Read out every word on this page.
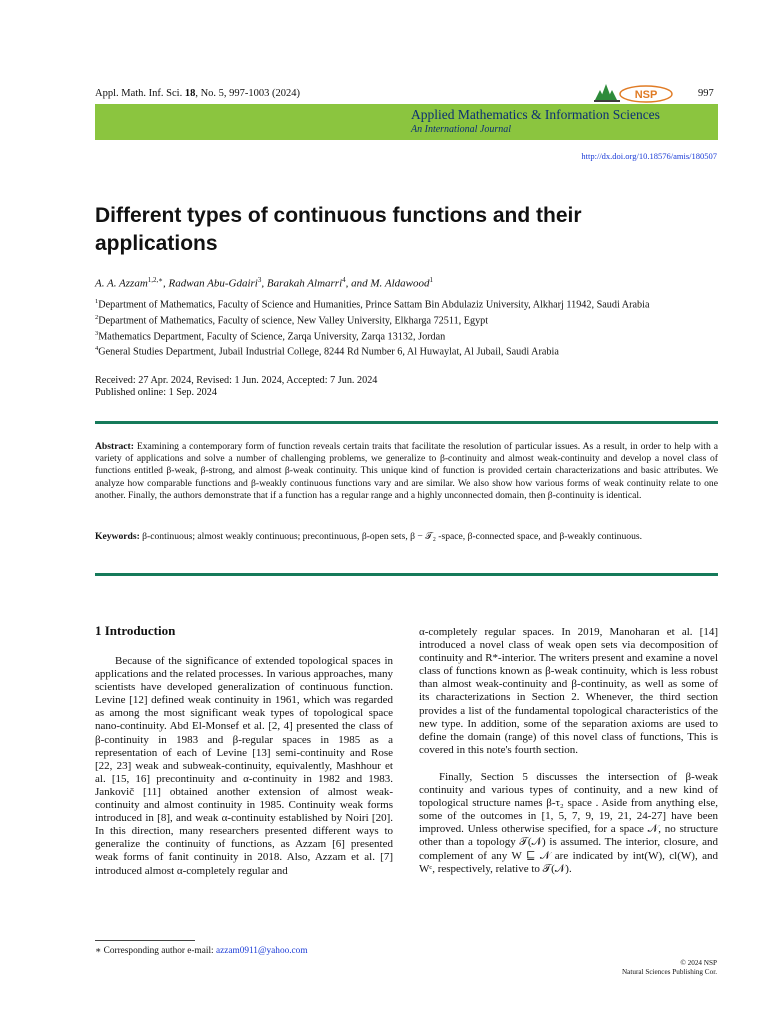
Appl. Math. Inf. Sci. 18, No. 5, 997-1003 (2024)	NSP	997
Applied Mathematics & Information Sciences
An International Journal
http://dx.doi.org/10.18576/amis/180507
Different types of continuous functions and their applications
A. A. Azzam$^{1,2,∗}$, Radwan Abu-Gdairi$^3$, Barakah Almarri$^4$, and M. Aldawood$^1$
$^1$Department of Mathematics, Faculty of Science and Humanities, Prince Sattam Bin Abdulaziz University, Alkharj 11942, Saudi Arabia
$^2$Department of Mathematics, Faculty of science, New Valley University, Elkharga 72511, Egypt
$^3$Mathematics Department, Faculty of Science, Zarqa University, Zarqa 13132, Jordan
$^4$General Studies Department, Jubail Industrial College, 8244 Rd Number 6, Al Huwaylat, Al Jubail, Saudi Arabia
Received: 27 Apr. 2024, Revised: 1 Jun. 2024, Accepted: 7 Jun. 2024
Published online: 1 Sep. 2024
Abstract: Examining a contemporary form of function reveals certain traits that facilitate the resolution of particular issues. As a result, in order to help with a variety of applications and solve a number of challenging problems, we generalize to β-continuity and almost weak-continuity and develop a novel class of functions entitled β-weak, β-strong, and almost β-weak continuity. This unique kind of function is provided certain characterizations and basic attributes. We analyze how comparable functions and β-weakly continuous functions vary and are similar. We also show how various forms of weak continuity relate to one another. Finally, the authors demonstrate that if a function has a regular range and a highly unconnected domain, then β-continuity is identical.
Keywords: β-continuous; almost weakly continuous; precontinuous, β-open sets, β − 𝒯₂ -space, β-connected space, and β-weakly continuous.
1 Introduction

Because of the significance of extended topological spaces in applications and the related processes. In various approaches, many scientists have developed generalization of continuous function. Levine [12] defined weak continuity in 1961, which was regarded as among the most significant weak types of topological space nano-continuity. Abd El-Monsef et al. [2, 4] presented the class of β-continuity in 1983 and β-regular spaces in 1985 as a representation of each of Levine [13] semi-continuity and Rose [22, 23] weak and subweak-continuity, equivalently, Mashhour et al. [15, 16] precontinuity and α-continuity in 1982 and 1983. Jankovič [11] obtained another extension of almost weak-continuity and almost continuity in 1985. Continuity weak forms introduced in [8], and weak α-continuity established by Noiri [20]. In this direction, many researchers presented different ways to generalize the continuity of functions, as Azzam [6] presented weak forms of fanit continuity in 2018. Also, Azzam et al. [7] introduced almost α-completely regular and

α-completely regular spaces. In 2019, Manoharan et al. [14] introduced a novel class of weak open sets via decomposition of continuity and R*-interior. The writers present and examine a novel class of functions known as β-weak continuity, which is less robust than almost weak-continuity and β-continuity, as well as some of its characterizations in Section 2. Whenever, the third section provides a list of the fundamental topological characteristics of the new type. In addition, some of the separation axioms are used to define the domain (range) of this novel class of functions, This is covered in this note's fourth section.

Finally, Section 5 discusses the intersection of β-weak continuity and various types of continuity, and a new kind of topological structure names β-τ₂ space . Aside from anything else, some of the outcomes in [1, 5, 7, 9, 19, 21, 24-27] have been improved. Unless otherwise specified, for a space 𝒩, no structure other than a topology 𝒯(𝒩) is assumed. The interior, closure, and complement of any W ⊑ 𝒩 are indicated by int(W), cl(W), and Wᶜ, respectively, relative to 𝒯(𝒩).

∗ Corresponding author e-mail: azzam0911@yahoo.com
© 2024 NSP
Natural Sciences Publishing Cor.
